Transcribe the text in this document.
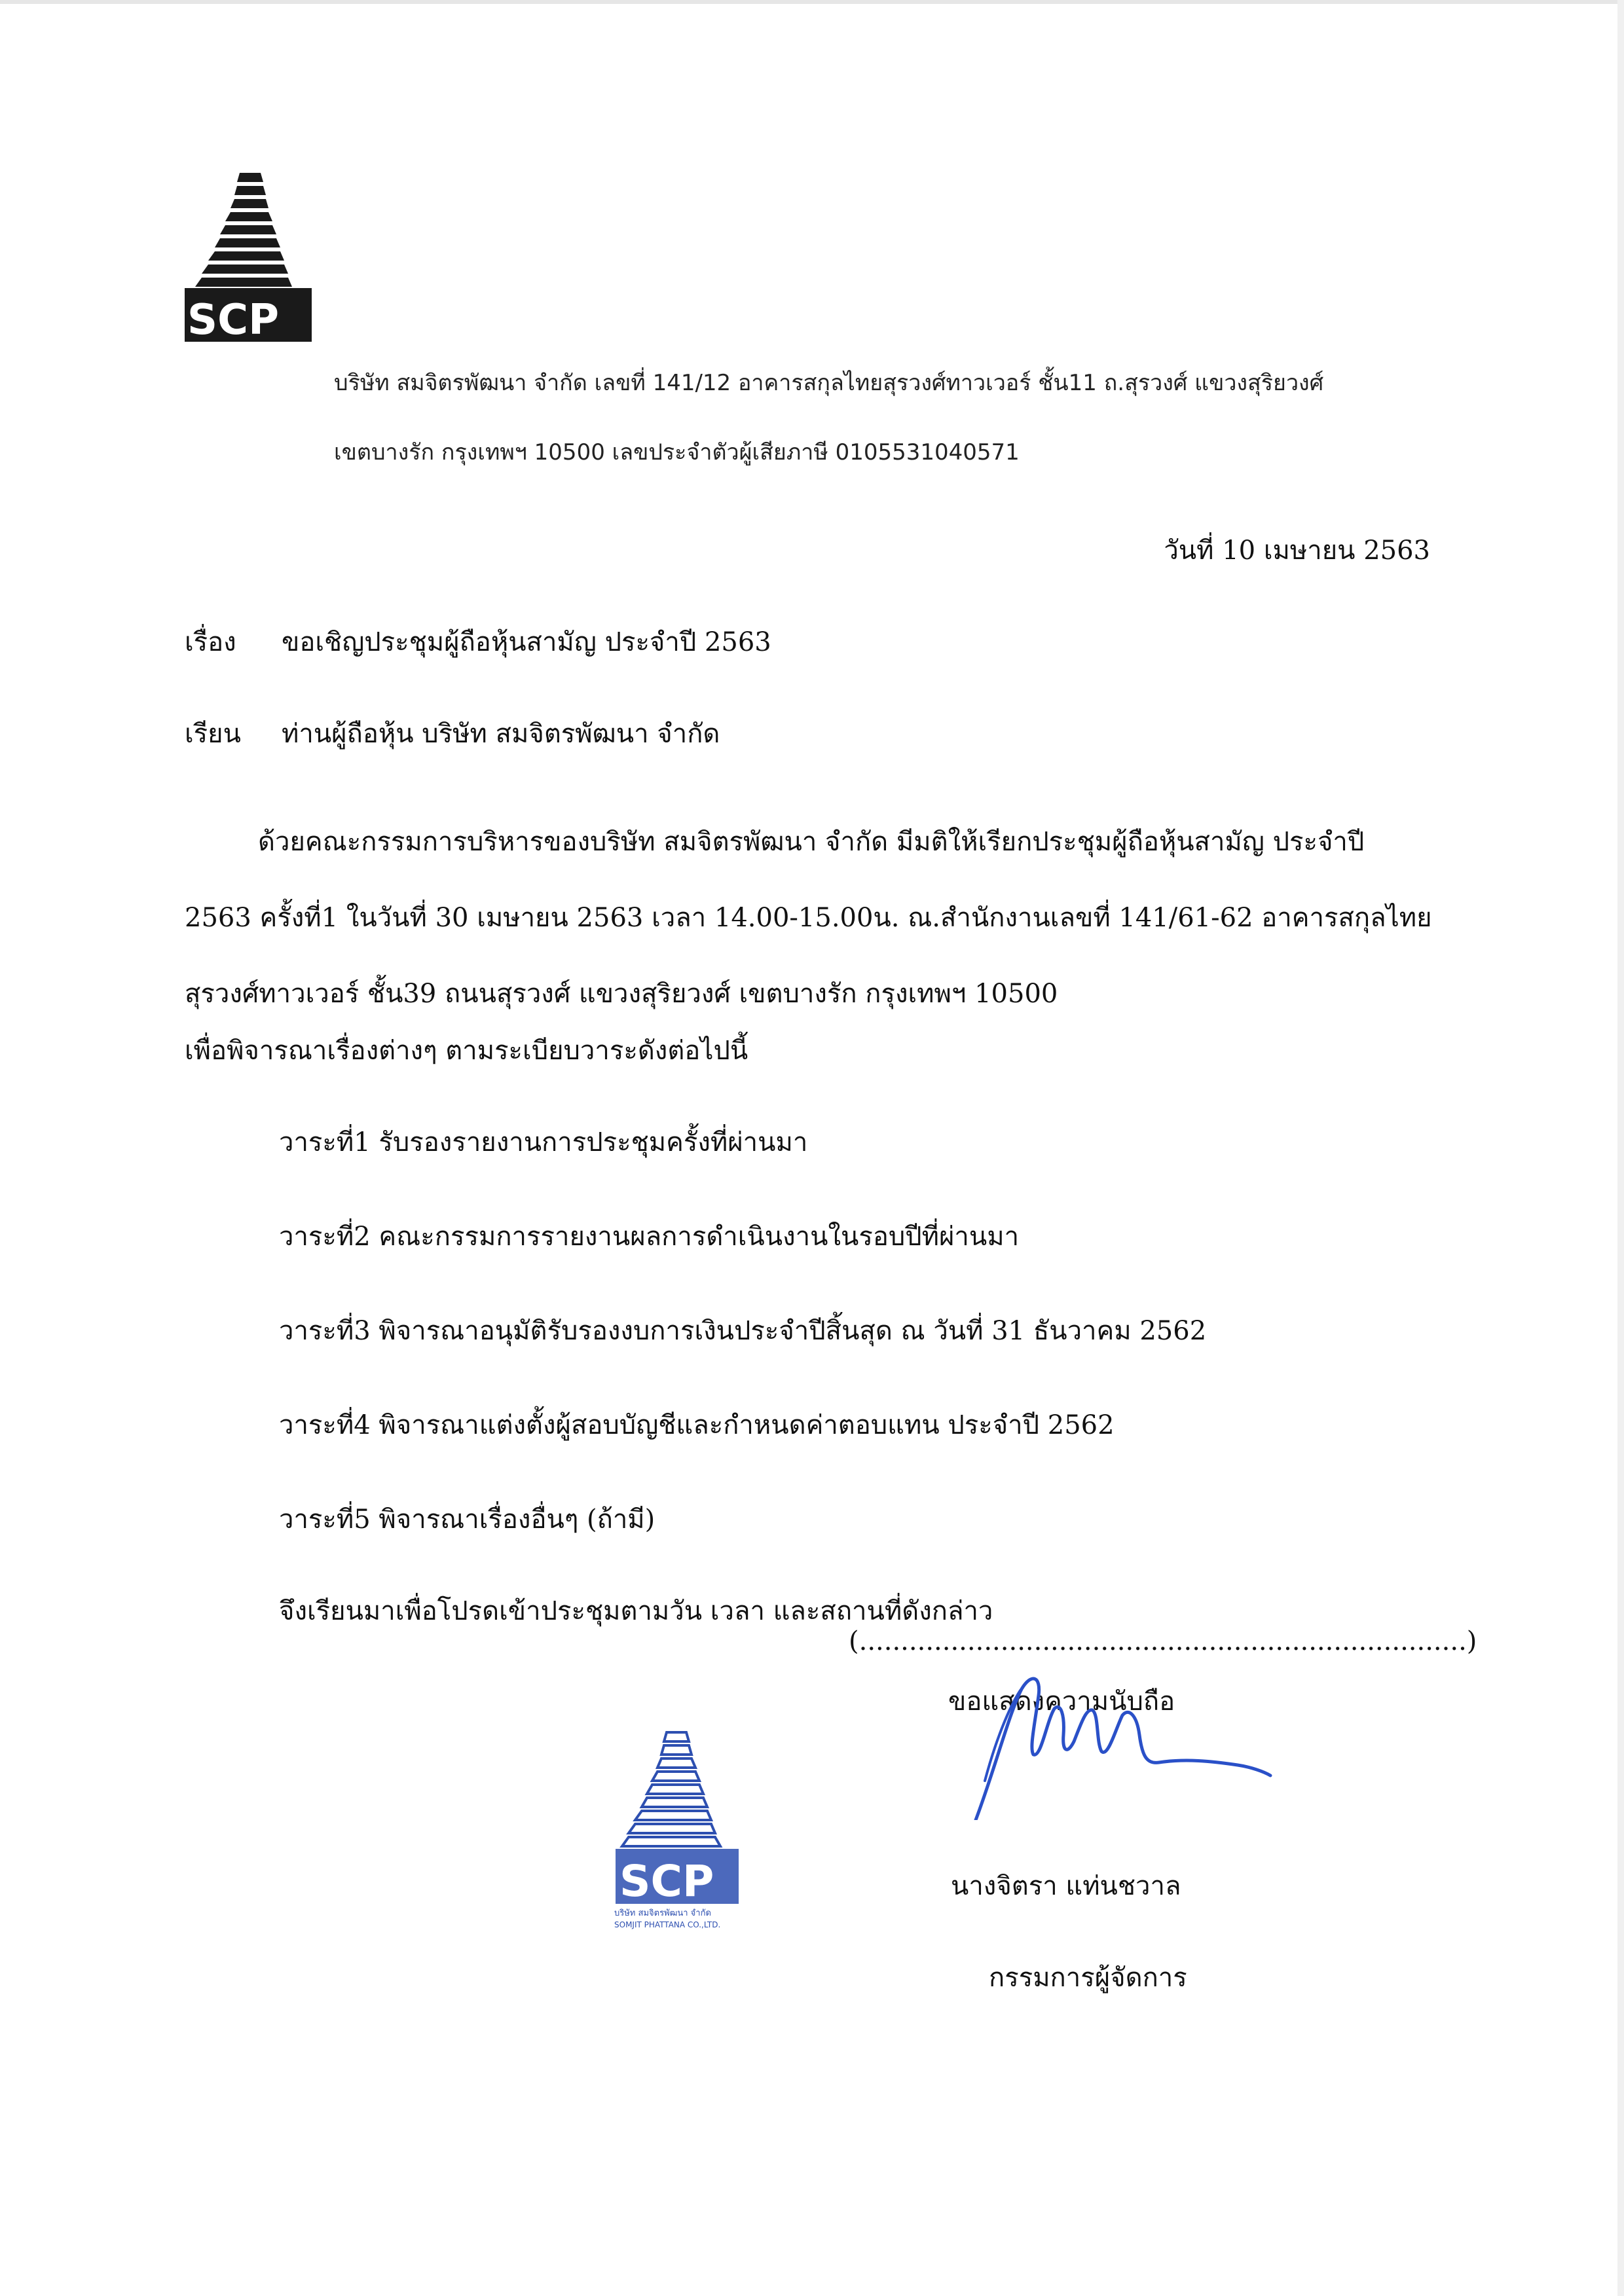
SCP
บริษัท สมจิตรพัฒนา จำกัด เลขที่ 141/12 อาคารสกุลไทยสุรวงศ์ทาวเวอร์ ชั้น11 ถ.สุรวงศ์ แขวงสุริยวงศ์
เขตบางรัก กรุงเทพฯ 10500 เลขประจำตัวผู้เสียภาษี 0105531040571
วันที่ 10 เมษายน 2563
เรื่อง ขอเชิญประชุมผู้ถือหุ้นสามัญ ประจำปี 2563
เรียน ท่านผู้ถือหุ้น บริษัท สมจิตรพัฒนา จำกัด
ด้วยคณะกรรมการบริหารของบริษัท สมจิตรพัฒนา จำกัด มีมติให้เรียกประชุมผู้ถือหุ้นสามัญ ประจำปี
2563 ครั้งที่1 ในวันที่ 30 เมษายน 2563 เวลา 14.00-15.00น. ณ.สำนักงานเลขที่ 141/61-62 อาคารสกุลไทย
สุรวงศ์ทาวเวอร์ ชั้น39 ถนนสุรวงศ์ แขวงสุริยวงศ์ เขตบางรัก กรุงเทพฯ 10500
เพื่อพิจารณาเรื่องต่างๆ ตามระเบียบวาระดังต่อไปนี้
วาระที่1 รับรองรายงานการประชุมครั้งที่ผ่านมา
วาระที่2 คณะกรรมการรายงานผลการดำเนินงานในรอบปีที่ผ่านมา
วาระที่3 พิจารณาอนุมัติรับรองงบการเงินประจำปีสิ้นสุด ณ วันที่ 31 ธันวาคม 2562
วาระที่4 พิจารณาแต่งตั้งผู้สอบบัญชีและกำหนดค่าตอบแทน ประจำปี 2562
วาระที่5 พิจารณาเรื่องอื่นๆ (ถ้ามี)
จึงเรียนมาเพื่อโปรดเข้าประชุมตามวัน เวลา และสถานที่ดังกล่าว
ขอแสดงความนับถือ
(.........................................................................)
SCP
บริษัท สมจิตรพัฒนา จำกัด
SOMJIT PHATTANA CO.,LTD.
นางจิตรา แท่นชวาล
กรรมการผู้จัดการ
